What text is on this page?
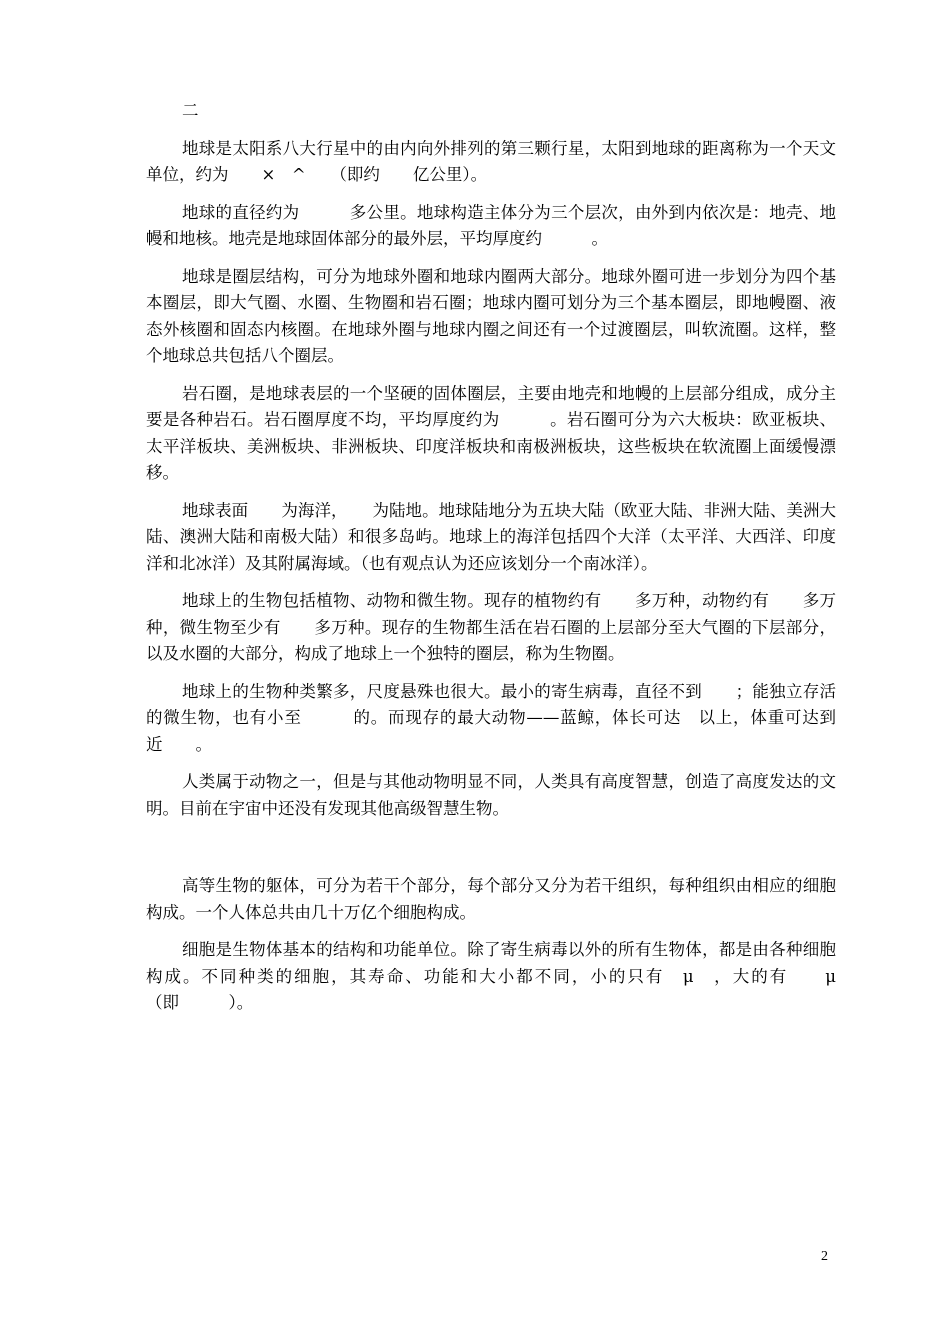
二

地球是太阳系八大行星中的由内向外排列的第三颗行星，太阳到地球的距离称为一个天文单位，约为　　×　^　　（即约　　亿公里）。

地球的直径约为　　　多公里。地球构造主体分为三个层次，由外到内依次是：地壳、地幔和地核。地壳是地球固体部分的最外层，平均厚度约　　　。

地球是圈层结构，可分为地球外圈和地球内圈两大部分。地球外圈可进一步划分为四个基本圈层，即大气圈、水圈、生物圈和岩石圈；地球内圈可划分为三个基本圈层，即地幔圈、液态外核圈和固态内核圈。在地球外圈与地球内圈之间还有一个过渡圈层，叫软流圈。这样，整个地球总共包括八个圈层。

岩石圈，是地球表层的一个坚硬的固体圈层，主要由地壳和地幔的上层部分组成，成分主要是各种岩石。岩石圈厚度不均，平均厚度约为　　　。岩石圈可分为六大板块：欧亚板块、太平洋板块、美洲板块、非洲板块、印度洋板块和南极洲板块，这些板块在软流圈上面缓慢漂移。

地球表面　　为海洋，　　为陆地。地球陆地分为五块大陆（欧亚大陆、非洲大陆、美洲大陆、澳洲大陆和南极大陆）和很多岛屿。地球上的海洋包括四个大洋（太平洋、大西洋、印度洋和北冰洋）及其附属海域。（也有观点认为还应该划分一个南冰洋）。

地球上的生物包括植物、动物和微生物。现存的植物约有　　多万种，动物约有　　多万种，微生物至少有　　多万种。现存的生物都生活在岩石圈的上层部分至大气圈的下层部分，以及水圈的大部分，构成了地球上一个独特的圈层，称为生物圈。

地球上的生物种类繁多，尺度悬殊也很大。最小的寄生病毒，直径不到　　；能独立存活的微生物，也有小至　　　的。而现存的最大动物——蓝鲸，体长可达　以上，体重可达到近　　。

人类属于动物之一，但是与其他动物明显不同，人类具有高度智慧，创造了高度发达的文明。目前在宇宙中还没有发现其他高级智慧生物。

高等生物的躯体，可分为若干个部分，每个部分又分为若干组织，每种组织由相应的细胞构成。一个人体总共由几十万亿个细胞构成。

细胞是生物体基本的结构和功能单位。除了寄生病毒以外的所有生物体，都是由各种细胞构成。不同种类的细胞，其寿命、功能和大小都不同，小的只有　μ　，大的有　　μ　（即　　　）。

2
